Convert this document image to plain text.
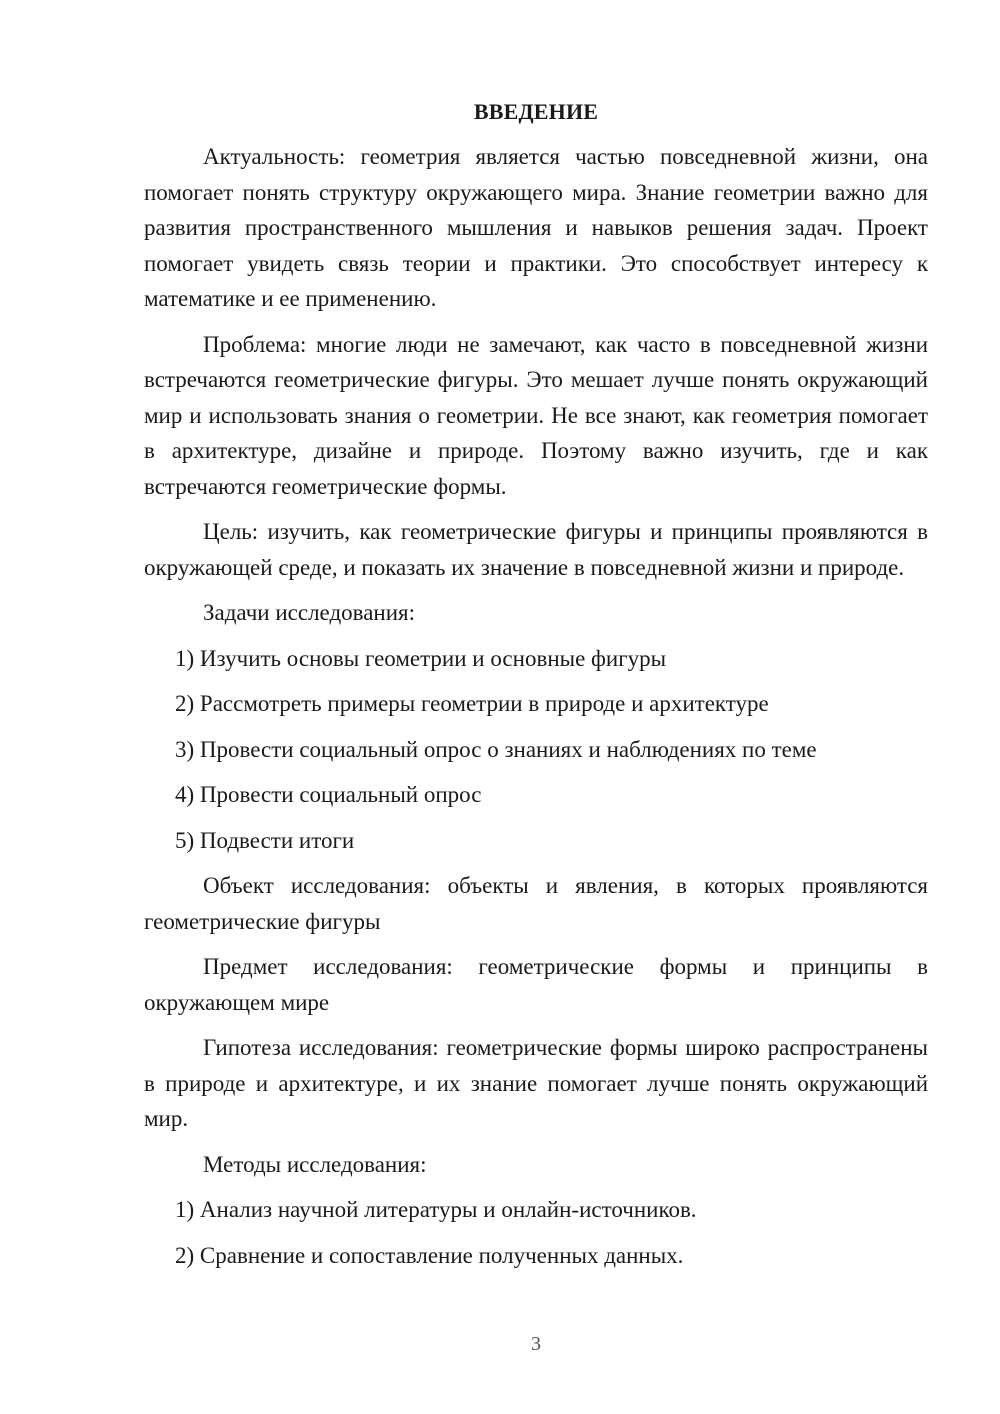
ВВЕДЕНИЕ

Актуальность: геометрия является частью повседневной жизни, она помогает понять структуру окружающего мира. Знание геометрии важно для развития пространственного мышления и навыков решения задач. Проект помогает увидеть связь теории и практики. Это способствует интересу к математике и ее применению.

Проблема: многие люди не замечают, как часто в повседневной жизни встречаются геометрические фигуры. Это мешает лучше понять окружающий мир и использовать знания о геометрии. Не все знают, как геометрия помогает в архитектуре, дизайне и природе. Поэтому важно изучить, где и как встречаются геометрические формы.

Цель: изучить, как геометрические фигуры и принципы проявляются в окружающей среде, и показать их значение в повседневной жизни и природе.

Задачи исследования:

1) Изучить основы геометрии и основные фигуры
2) Рассмотреть примеры геометрии в природе и архитектуре
3) Провести социальный опрос о знаниях и наблюдениях по теме
4) Провести социальный опрос
5) Подвести итоги

Объект исследования: объекты и явления, в которых проявляются геометрические фигуры

Предмет исследования: геометрические формы и принципы в окружающем мире

Гипотеза исследования: геометрические формы широко распространены в природе и архитектуре, и их знание помогает лучше понять окружающий мир.

Методы исследования:

1) Анализ научной литературы и онлайн-источников.
2) Сравнение и сопоставление полученных данных.
3
